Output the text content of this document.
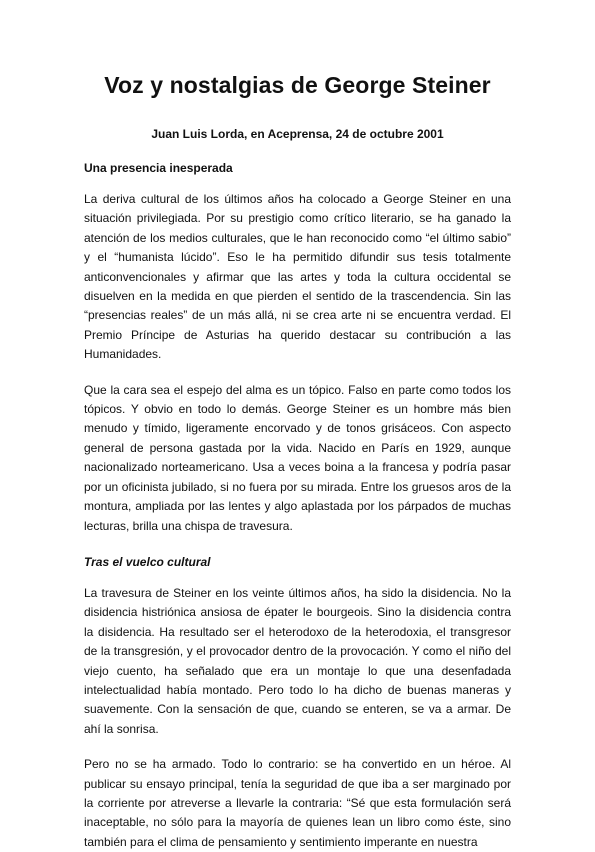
Voz y nostalgias de George Steiner
Juan Luis Lorda, en Aceprensa, 24 de octubre 2001
Una presencia inesperada

La deriva cultural de los últimos años ha colocado a George Steiner en una situación privilegiada. Por su prestigio como crítico literario, se ha ganado la atención de los medios culturales, que le han reconocido como “el último sabio” y el “humanista lúcido”. Eso le ha permitido difundir sus tesis totalmente anticonvencionales y afirmar que las artes y toda la cultura occidental se disuelven en la medida en que pierden el sentido de la trascendencia. Sin las “presencias reales” de un más allá, ni se crea arte ni se encuentra verdad. El Premio Príncipe de Asturias ha querido destacar su contribución a las Humanidades.

Que la cara sea el espejo del alma es un tópico. Falso en parte como todos los tópicos. Y obvio en todo lo demás. George Steiner es un hombre más bien menudo y tímido, ligeramente encorvado y de tonos grisáceos. Con aspecto general de persona gastada por la vida. Nacido en París en 1929, aunque nacionalizado norteamericano. Usa a veces boina a la francesa y podría pasar por un oficinista jubilado, si no fuera por su mirada. Entre los gruesos aros de la montura, ampliada por las lentes y algo aplastada por los párpados de muchas lecturas, brilla una chispa de travesura.

Tras el vuelco cultural

La travesura de Steiner en los veinte últimos años, ha sido la disidencia. No la disidencia histriónica ansiosa de épater le bourgeois. Sino la disidencia contra la disidencia. Ha resultado ser el heterodoxo de la heterodoxia, el transgresor de la transgresión, y el provocador dentro de la provocación. Y como el niño del viejo cuento, ha señalado que era un montaje lo que una desenfadada intelectualidad había montado. Pero todo lo ha dicho de buenas maneras y suavemente. Con la sensación de que, cuando se enteren, se va a armar. De ahí la sonrisa.

Pero no se ha armado. Todo lo contrario: se ha convertido en un héroe. Al publicar su ensayo principal, tenía la seguridad de que iba a ser marginado por la corriente por atreverse a llevarle la contraria: “Sé que esta formulación será inaceptable, no sólo para la mayoría de quienes lean un libro como éste, sino también para el clima de pensamiento y sentimiento imperante en nuestra
